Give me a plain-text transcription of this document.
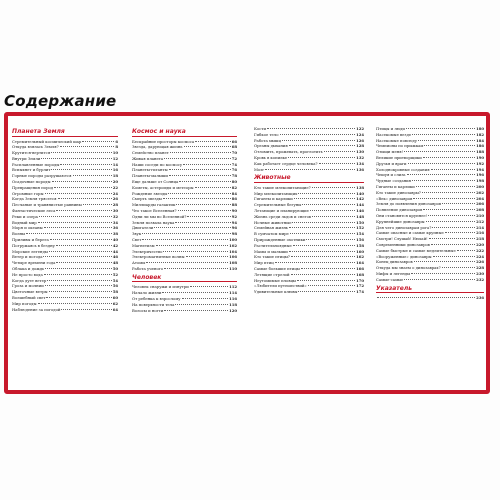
Содержание
Планета Земля
Стремительный космический шар	6
Откуда взялась Земля?	8
Крутится-вертится	10
Внутри Земли	12
Расплавленные породы	14
Вспыхнет и бурлит	16
Горные породы разрушаются	18
Осадочные породы	20
Превращения пород	22
Огромные горы	24
Когда Земля трясется	26
Песчаные и травянистые равнины	28
Фантастические леса	30
Реки и озера	32
Водный мир	34
Моря и океаны	36
Волны	38
Приливы и берега	40
Погружаясь в бездну	42
Морские легенды	44
Ветер и погода	46
Четыре времени года	48
Облака и дождь	50
Не просто вода	52
Когда дует ветер	54
Гроза и молнии	56
Цветочные ветры	58
Волшебный свет	60
Мир погоды	62
Наблюдение за погодой	64
Космос и наука
Бескрайние просторы космоса	66
Звезда, дарующая жизнь	68
Семейство планет	70
Живая планета	72
Наши соседи по космосу	74
Планеты-гиганты	76
Планеты-малыши	78
Еще дальше от Солнца	80
Кометы, астероиды и метеоры	82
Рождение звезды	84
Смерть звезды	86
Миллиарды галактик	88
Что такое Вселенная?	90
Одни ли мы во Вселенной?	92
Земля позвала наука	94
Двигатели	96
Звук	98
Свет	100
Магнетизм	102
Электричество	104
Электромагнитные волны	106
Атомы	108
Работа ученого	110
Человек
Человек снаружи и изнутри	112
Начало жизни	114
От ребенка к взрослому	116
На поверхности тела	118
Волосы и ногти	120
Кости	122
Гибкое тело	124
Работа мышц	126
Органы дыхания	128
Отломить, прожевать, проглотить	130
Кровь в копилке	132
Как работает сердце человека?	134
Мозг	136
Животные
Кто такие млекопитающие?	138
Мир млекопитающих	140
Гиганты и карлики	142
Стремительные бегуны	144
Летающие и планирующие	146
Жизнь среди льдов и снегов	148
Ночные животные	150
Семейная жизнь	152
В сумчатом мире	154
Прирожденные охотники	156
Растительноядные	158
Мамы и малыши	160
Кто такие птицы?	162
Мир птиц	164
Самые большие птицы	166
Летящие стрелой	168
Неутомимые пловцы	170
«Любители путешествий»	172
Удивительные клювы	174
Птицы и люди	180
Насекомые везде	182
Насекомые повсюду	184
Чемпионы по прыжкам	186
Отыщи меня!	188
Великие притворщики	190
Друзья и враги	192
Холоднокровные создания	194
Чешуя и слизь	196
Чудные создания	198
Гиганты и карлики	200
Кто такие динозавры?	202
«Век» динозавров	204
Земля до появления динозавров	206
Появление динозавров	208
Они становятся крупнее!	210
Крупнейшие динозавры	212
Для чего динозаврам рога?	214
Самые опасные и самые крупные	216
Смотри! Слушай! Нюхай!	218
Современники динозавров	220
Самые быстрые и самые медлительные	222
«Вооруженные» динозавры	224
Конец динозавров	226
Откуда мы знаем о динозаврах?	228
Мифы и легенды	230
Самые-самые	232
Указатель
236
